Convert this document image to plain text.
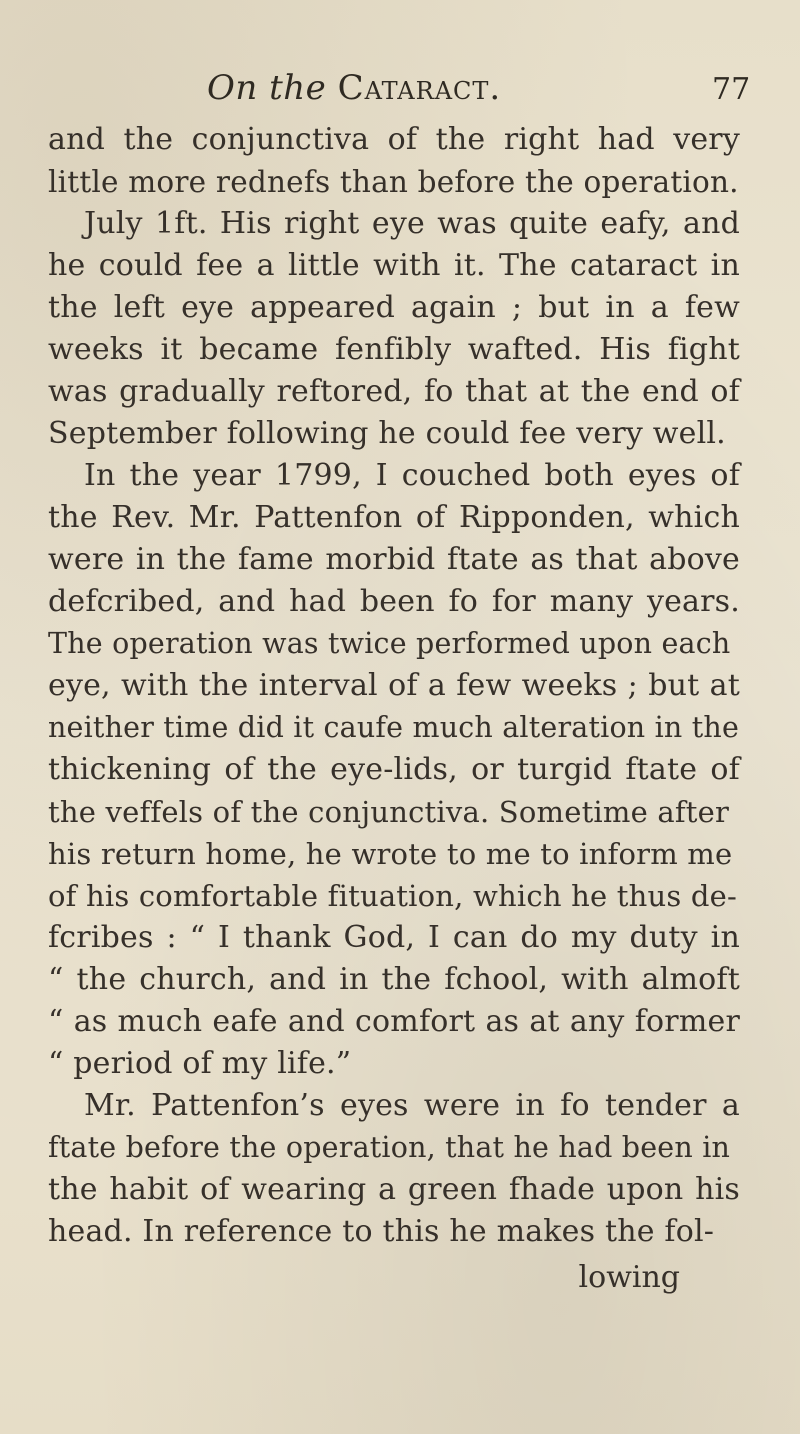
On the Cataract.	77
and the conjunctiva of the right had very
little more rednefs than before the operation.
July 1ft. His right eye was quite eafy, and
he could fee a little with it. The cataract in
the left eye appeared again ; but in a few
weeks it became fenfibly wafted. His fight
was gradually reftored, fo that at the end of
September following he could fee very well.
In the year 1799, I couched both eyes of
the Rev. Mr. Pattenfon of Ripponden, which
were in the fame morbid ftate as that above
defcribed, and had been fo for many years.
The operation was twice performed upon each
eye, with the interval of a few weeks ; but at
neither time did it caufe much alteration in the
thickening of the eye-lids, or turgid ftate of
the veffels of the conjunctiva. Sometime after
his return home, he wrote to me to inform me
of his comfortable fituation, which he thus de-
fcribes : “ I thank God, I can do my duty in
“ the church, and in the fchool, with almoft
“ as much eafe and comfort as at any former
“ period of my life.”
Mr. Pattenfon’s eyes were in fo tender a
ftate before the operation, that he had been in
the habit of wearing a green fhade upon his
head. In reference to this he makes the fol-
lowing
